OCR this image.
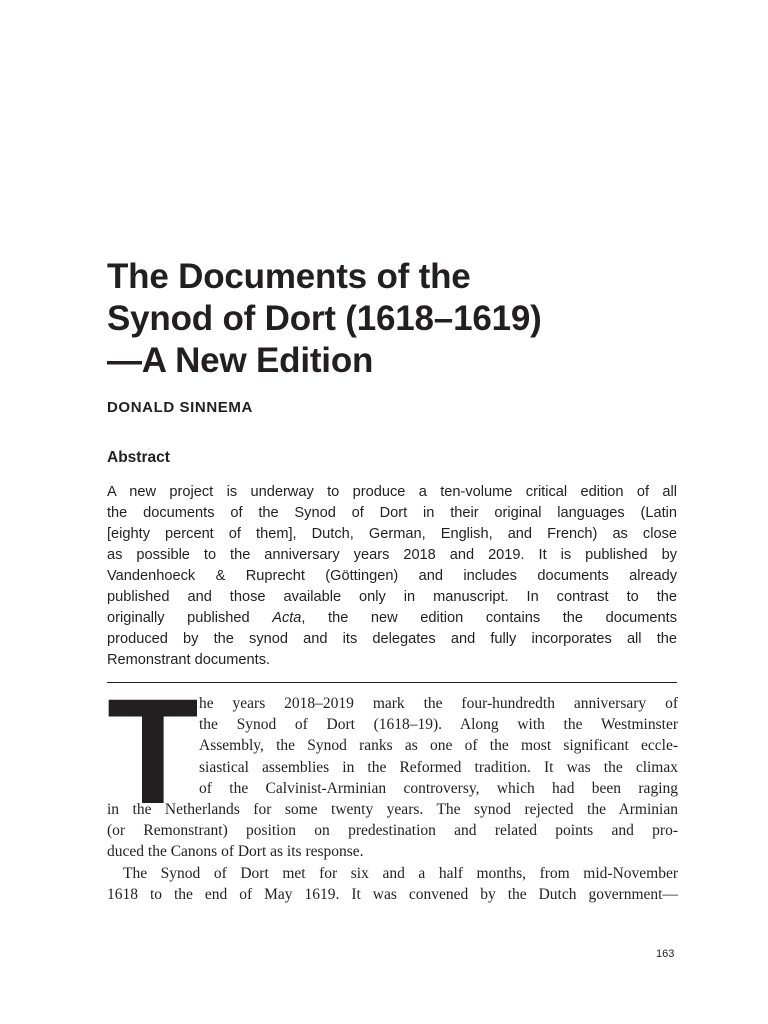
The Documents of the
Synod of Dort (1618–1619)
—A New Edition

DONALD SINNEMA

Abstract
A new project is underway to produce a ten-volume critical edition of all
the documents of the Synod of Dort in their original languages (Latin
[eighty percent of them], Dutch, German, English, and French) as close
as possible to the anniversary years 2018 and 2019. It is published by
Vandenhoeck & Ruprecht (Göttingen) and includes documents already
published and those available only in manuscript. In contrast to the
originally published Acta, the new edition contains the documents
produced by the synod and its delegates and fully incorporates all the
Remonstrant documents.
T he years 2018–2019 mark the four-hundredth anniversary of
the Synod of Dort (1618–19). Along with the Westminster
Assembly, the Synod ranks as one of the most significant eccle-
siastical assemblies in the Reformed tradition. It was the climax
of the Calvinist-Arminian controversy, which had been raging
in the Netherlands for some twenty years. The synod rejected the Arminian
(or Remonstrant) position on predestination and related points and pro-
duced the Canons of Dort as its response.
The Synod of Dort met for six and a half months, from mid-November
1618 to the end of May 1619. It was convened by the Dutch government—

163
